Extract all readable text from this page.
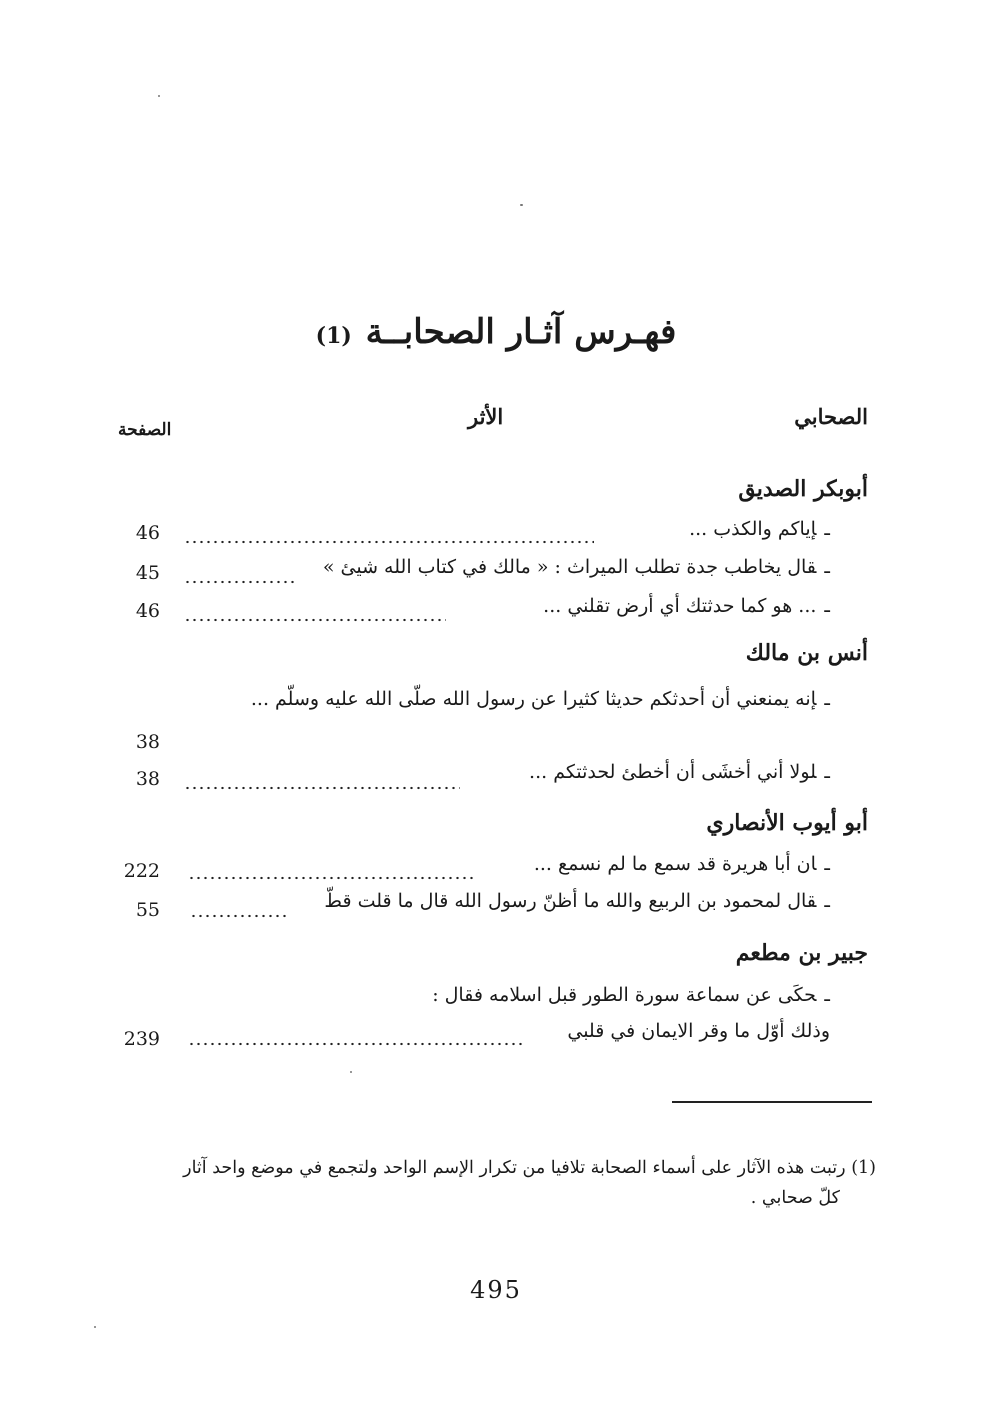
فهـرس آثـار الصحابــة (1)
الصحابي
الأثر
الصفحة
أبوبكر الصديق
ـإياكم والكذب ...
46
ـقال يخاطب جدة تطلب الميراث : « مالك في كتاب الله شيئ »
45
ـ... هو كما حدثتك أي أرض تقلني ...
46
أنس بن مالك
ـإنه يمنعني أن أحدثكم حديثا كثيرا عن رسول الله صلّى الله عليه وسلّم ...
38
ـلولا أني أخشَى أن أخطئ لحدثتكم ...
38
أبو أيوب الأنصاري
ـان أبا هريرة قد سمع ما لم نسمع ...
222
ـقال لمحمود بن الربيع والله ما أظنّ رسول الله قال ما قلت قطّ
55
جبير بن مطعم
ـحكَى عن سماعة سورة الطور قبل اسلامه فقال :
وذلك أوّل ما وقر الايمان في قلبي
239
(1) رتبت هذه الآثار على أسماء الصحابة تلافيا من تكرار الإسم الواحد ولتجمع في موضع واحد آثار
كلّ صحابي .
495
